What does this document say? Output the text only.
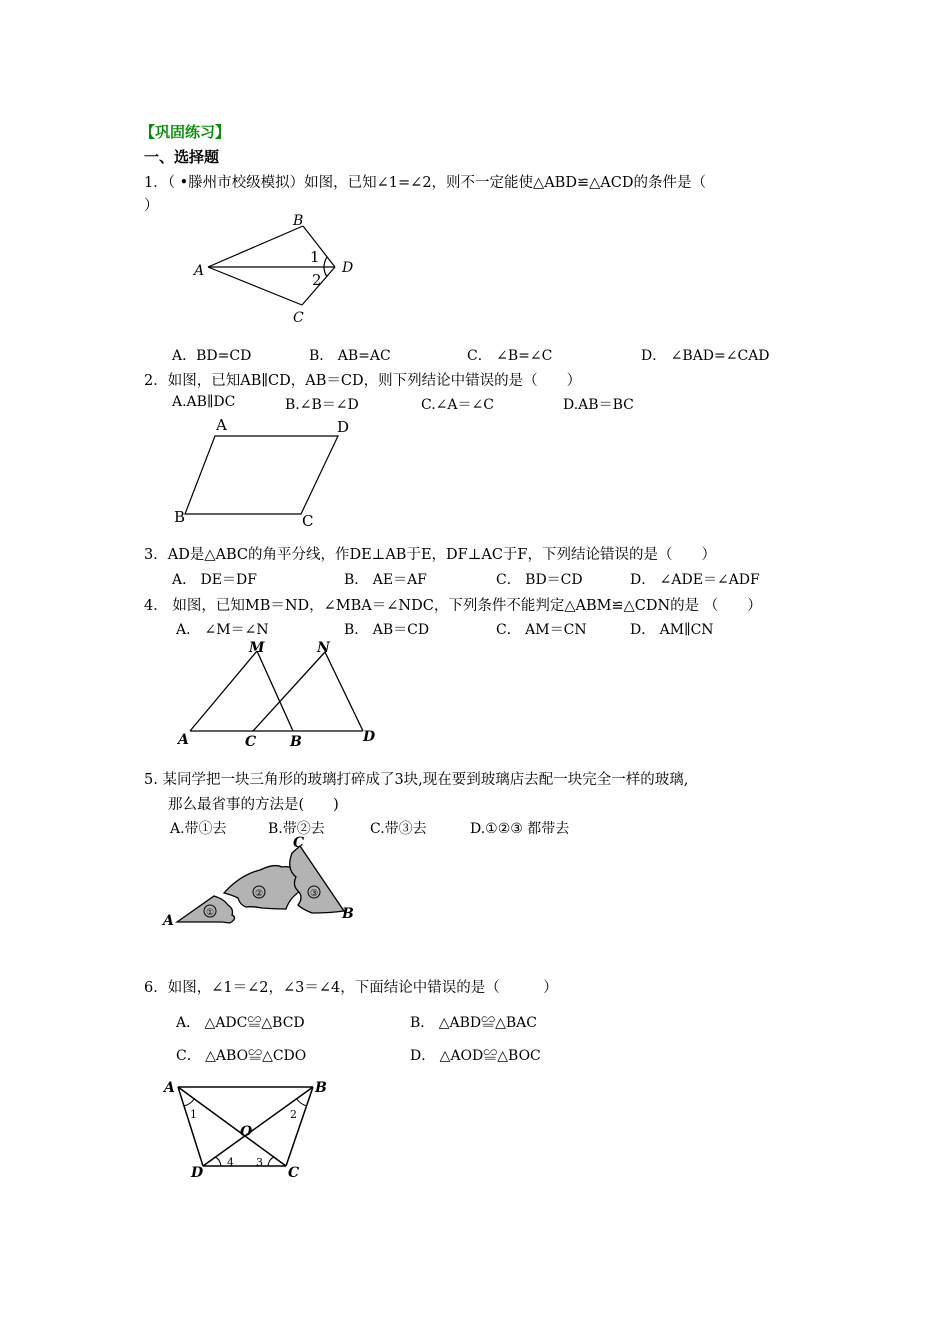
【巩固练习】
一、选择题
1．（ •滕州市校级模拟）如图，已知∠1=∠2，则不一定能使△ABD≌△ACD的条件是（
）
A
B
C
D
1
2
A．BD=CD	B． AB=AC	C． ∠B=∠C	D． ∠BAD=∠CAD
2．如图，已知AB∥CD，AB＝CD，则下列结论中错误的是（　　）
A.AB∥DC	B.∠B＝∠D	C.∠A＝∠C	D.AB＝BC
A	D
B	C
3．AD是△ABC的角平分线，作DE⊥AB于E，DF⊥AC于F，下列结论错误的是（　　）
A． DE＝DF	B． AE＝AF	C． BD＝CD	D． ∠ADE＝∠ADF
4． 如图，已知MB＝ND，∠MBA＝∠NDC，下列条件不能判定△ABM≌△CDN的是 （　　）
A． ∠M＝∠N	B． AB＝CD	C． AM＝CN	D． AM∥CN
A	C B	D
M	N
5. 某同学把一块三角形的玻璃打碎成了3块,现在要到玻璃店去配一块完全一样的玻璃,
那么最省事的方法是(　　)
A.带①去	B.带②去	C.带③去	D.①②③ 都带去
①
②	③
A	B
C
6．如图，∠1＝∠2，∠3＝∠4，下面结论中错误的是（　　　）
A． △ADC≌△BCD	B． △ABD≌△BAC
C． △ABO≌△CDO	D． △AOD≌△BOC
A	B
C
D
O
1	2
3
4
